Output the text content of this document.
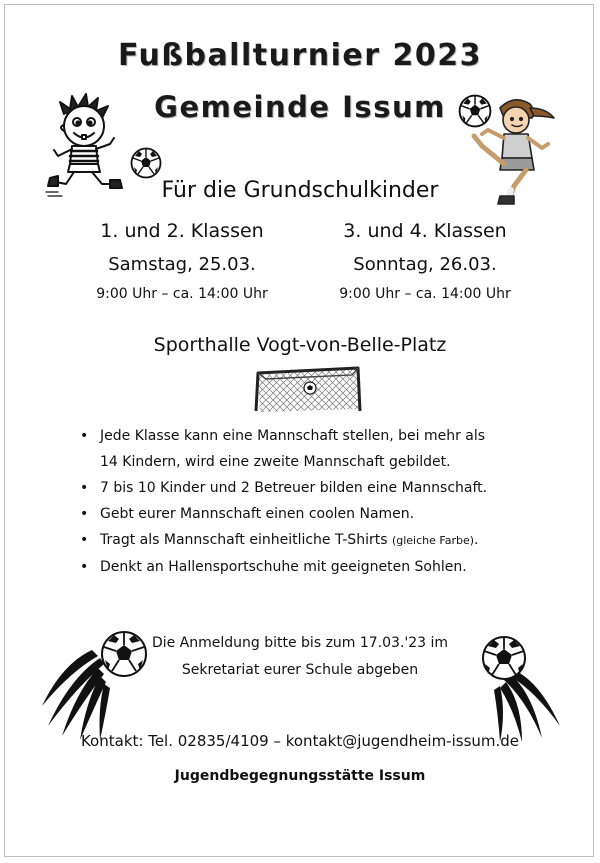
Fußballturnier 2023
Gemeinde Issum
Für die Grundschulkinder
1. und 2. Klassen
Samstag, 25.03.
9:00 Uhr – ca. 14:00 Uhr
3. und 4. Klassen
Sonntag, 26.03.
9:00 Uhr – ca. 14:00 Uhr
Sporthalle Vogt-von-Belle-Platz
• Jede Klasse kann eine Mannschaft stellen, bei mehr als
14 Kindern, wird eine zweite Mannschaft gebildet.
• 7 bis 10 Kinder und 2 Betreuer bilden eine Mannschaft.
• Gebt eurer Mannschaft einen coolen Namen.
• Tragt als Mannschaft einheitliche T-Shirts (gleiche Farbe).
• Denkt an Hallensportschuhe mit geeigneten Sohlen.
Die Anmeldung bitte bis zum 17.03.'23 im
Sekretariat eurer Schule abgeben
Kontakt: Tel. 02835/4109 – kontakt@jugendheim-issum.de
Jugendbegegnungsstätte Issum
